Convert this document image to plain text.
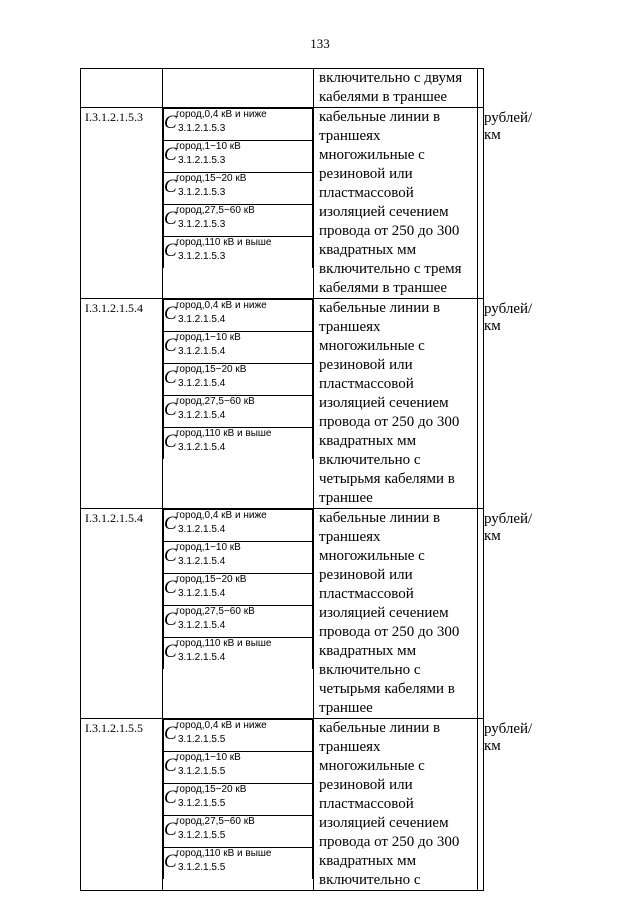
133
		включительно с двумя кабелями в траншее	
I.3.1.2.1.5.3	C город,0,4 кВ и ниже
3.1.2.1.5.3

C город,1−10 кВ
3.1.2.1.5.3

C город,15−20 кВ
3.1.2.1.5.3

C город,27,5−60 кВ
3.1.2.1.5.3

C город,110 кВ и выше
3.1.2.1.5.3
	кабельные линии в траншеях многожильные с резиновой или пластмассовой изоляцией сечением провода от 250 до 300 квадратных мм включительно с тремя кабелями в траншее	рублей/км
I.3.1.2.1.5.4	C город,0,4 кВ и ниже
3.1.2.1.5.4

C город,1−10 кВ
3.1.2.1.5.4

C город,15−20 кВ
3.1.2.1.5.4

C город,27,5−60 кВ
3.1.2.1.5.4

C город,110 кВ и выше
3.1.2.1.5.4
	кабельные линии в траншеях многожильные с резиновой или пластмассовой изоляцией сечением провода от 250 до 300 квадратных мм включительно с четырьмя кабелями в траншее	рублей/км
I.3.1.2.1.5.4	C город,0,4 кВ и ниже
3.1.2.1.5.4

C город,1−10 кВ
3.1.2.1.5.4

C город,15−20 кВ
3.1.2.1.5.4

C город,27,5−60 кВ
3.1.2.1.5.4

C город,110 кВ и выше
3.1.2.1.5.4
	кабельные линии в траншеях многожильные с резиновой или пластмассовой изоляцией сечением провода от 250 до 300 квадратных мм включительно с четырьмя кабелями в траншее	рублей/км
I.3.1.2.1.5.5	C город,0,4 кВ и ниже
3.1.2.1.5.5

C город,1−10 кВ
3.1.2.1.5.5

C город,15−20 кВ
3.1.2.1.5.5

C город,27,5−60 кВ
3.1.2.1.5.5

C город,110 кВ и выше
3.1.2.1.5.5
	кабельные линии в траншеях многожильные с резиновой или пластмассовой изоляцией сечением провода от 250 до 300 квадратных мм включительно с	рублей/км
